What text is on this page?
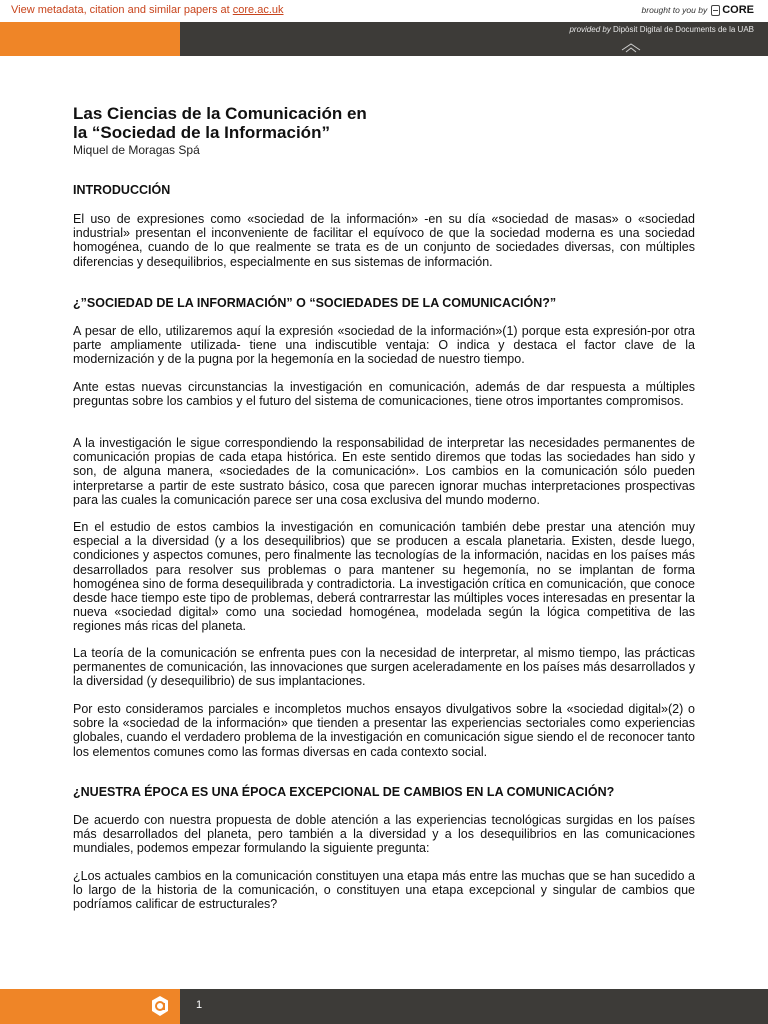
View metadata, citation and similar papers at core.ac.uk	brought to you by CORE

provided by Dipòsit Digital de Documents de la UAB
Las Ciencias de la Comunicación en
la “Sociedad de la Información”
Miquel de Moragas Spá
INTRODUCCIÓN

El uso de expresiones como «sociedad de la información» -en su día «sociedad de masas» o «sociedad industrial» presentan el inconveniente de facilitar el equívoco de que la sociedad moderna es una sociedad homogénea, cuando de lo que realmente se trata es de un conjunto de sociedades diversas, con múltiples diferencias y desequilibrios, especialmente en sus sistemas de información.

¿”SOCIEDAD DE LA INFORMACIÓN” O “SOCIEDADES DE LA COMUNICACIÓN?”

A pesar de ello, utilizaremos aquí la expresión «sociedad de la información»(1) porque esta expresión-por otra parte ampliamente utilizada- tiene una indiscutible ventaja: O indica y destaca el factor clave de la modernización y de la pugna por la hegemonía en la sociedad de nuestro tiempo.

Ante estas nuevas circunstancias la investigación en comunicación, además de dar respuesta a múltiples preguntas sobre los cambios y el futuro del sistema de comunicaciones, tiene otros importantes compromisos.

A la investigación le sigue correspondiendo la responsabilidad de interpretar las necesidades permanentes de comunicación propias de cada etapa histórica. En este sentido diremos que todas las sociedades han sido y son, de alguna manera, «sociedades de la comunicación». Los cambios en la comunicación sólo pueden interpretarse a partir de este sustrato básico, cosa que parecen ignorar muchas interpretaciones prospectivas para las cuales la comunicación parece ser una cosa exclusiva del mundo moderno.

En el estudio de estos cambios la investigación en comunicación también debe prestar una atención muy especial a la diversidad (y a los desequilibrios) que se producen a escala planetaria. Existen, desde luego, condiciones y aspectos comunes, pero finalmente las tecnologías de la información, nacidas en los países más desarrollados para resolver sus problemas o para mantener su hegemonía, no se implantan de forma homogénea sino de forma desequilibrada y contradictoria. La investigación crítica en comunicación, que conoce desde hace tiempo este tipo de problemas, deberá contrarrestar las múltiples voces interesadas en presentar la nueva «sociedad digital» como una sociedad homogénea, modelada según la lógica competitiva de las regiones más ricas del planeta.

La teoría de la comunicación se enfrenta pues con la necesidad de interpretar, al mismo tiempo, las prácticas permanentes de comunicación, las innovaciones que surgen aceleradamente en los países más desarrollados y la diversidad (y desequilibrio) de sus implantaciones.

Por esto consideramos parciales e incompletos muchos ensayos divulgativos sobre la «sociedad digital»(2) o sobre la «sociedad de la información» que tienden a presentar las experiencias sectoriales como experiencias globales, cuando el verdadero problema de la investigación en comunicación sigue siendo el de reconocer tanto los elementos comunes como las formas diversas en cada contexto social.

¿NUESTRA ÉPOCA ES UNA ÉPOCA EXCEPCIONAL DE CAMBIOS EN LA COMUNICACIÓN?

De acuerdo con nuestra propuesta de doble atención a las experiencias tecnológicas surgidas en los países más desarrollados del planeta, pero también a la diversidad y a los desequilibrios en las comunicaciones mundiales, podemos empezar formulando la siguiente pregunta:

¿Los actuales cambios en la comunicación constituyen una etapa más entre las muchas que se han sucedido a lo largo de la historia de la comunicación, o constituyen una etapa excepcional y singular de cambios que podríamos calificar de estructurales?

1
